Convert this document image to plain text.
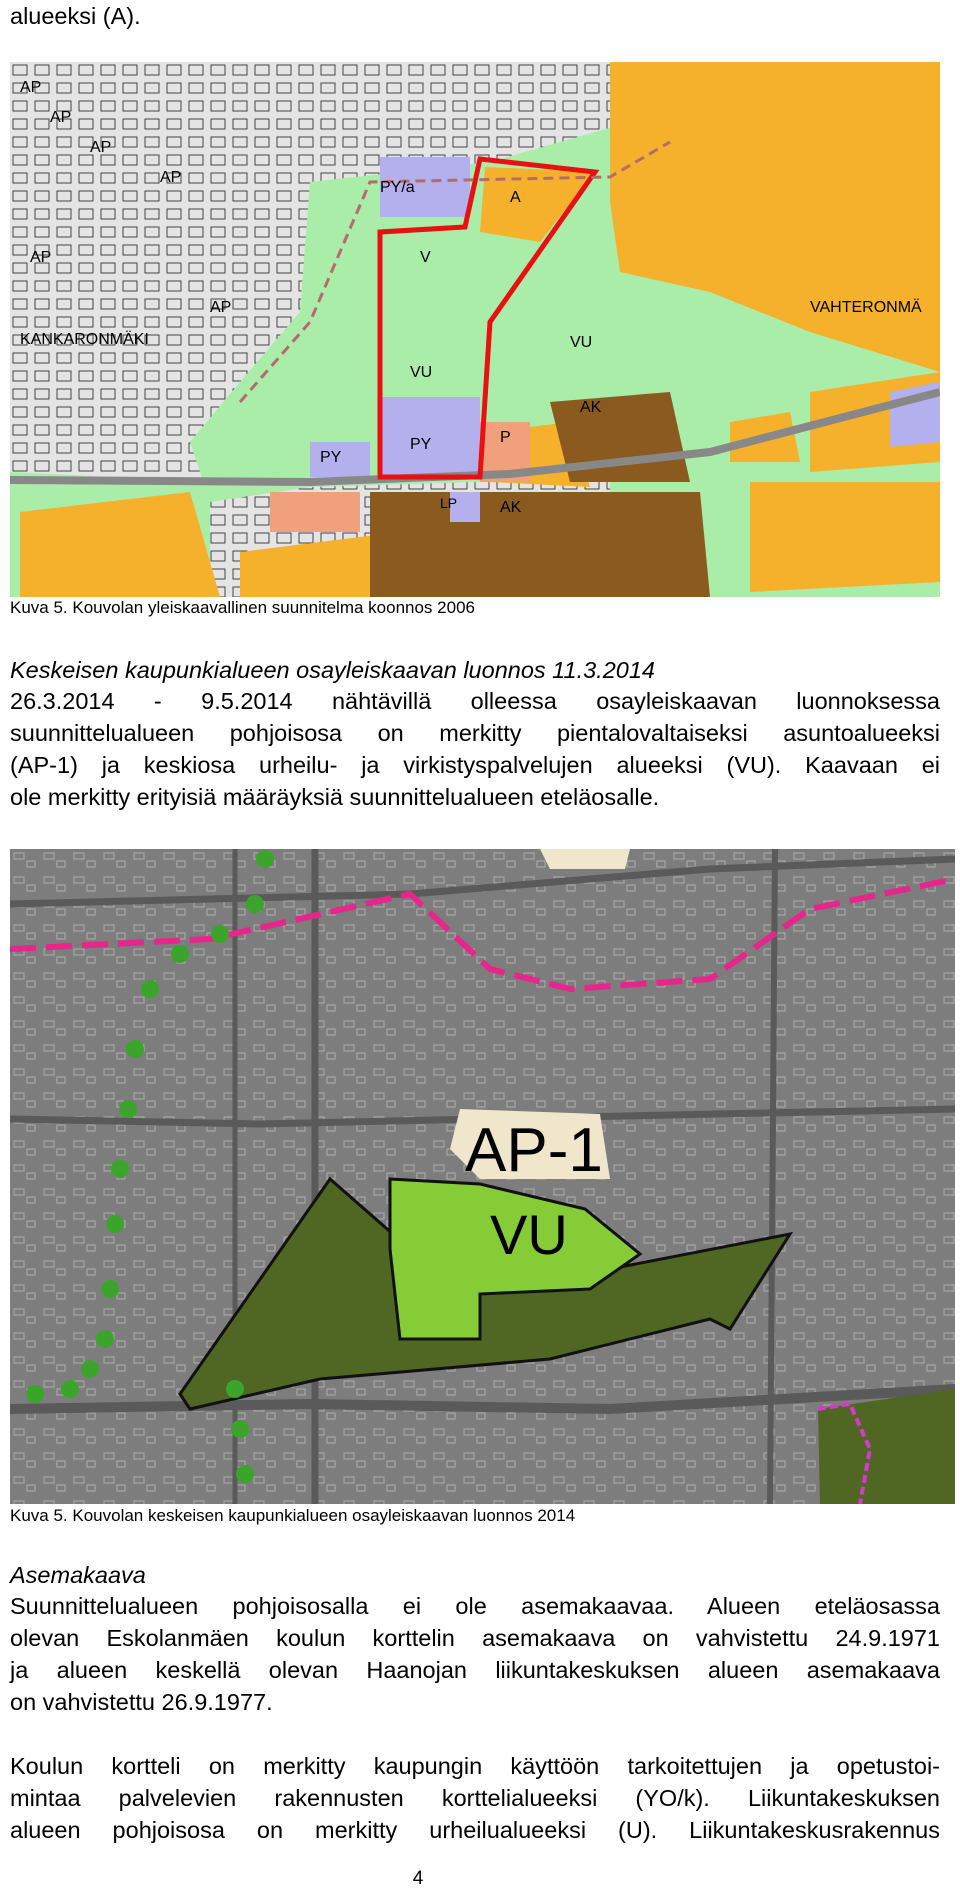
alueeksi (A).
AP
AP
AP
AP
AP
AP
KANKARONMÄKI
PY/a
A
V
VU
VU
PY
PY
P
AK
AK
LP
VAHTERONMÄ
Kuva 5. Kouvolan yleiskaavallinen suunnitelma koonnos 2006
Keskeisen kaupunkialueen osayleiskaavan luonnos 11.3.2014
26.3.2014 - 9.5.2014 nähtävillä olleessa osayleiskaavan luonnoksessa
suunnittelualueen pohjoisosa on merkitty pientalovaltaiseksi asuntoalueeksi
(AP-1) ja keskiosa urheilu- ja virkistyspalvelujen alueeksi (VU). Kaavaan ei
ole merkitty erityisiä määräyksiä suunnittelualueen eteläosalle.
AP-1
VU
Kuva 5. Kouvolan keskeisen kaupunkialueen osayleiskaavan luonnos 2014
Asemakaava
Suunnittelualueen pohjoisosalla ei ole asemakaavaa. Alueen eteläosassa
olevan Eskolanmäen koulun korttelin asemakaava on vahvistettu 24.9.1971
ja alueen keskellä olevan Haanojan liikuntakeskuksen alueen asemakaava
on vahvistettu 26.9.1977.
Koulun kortteli on merkitty kaupungin käyttöön tarkoitettujen ja opetustoi-
mintaa palvelevien rakennusten korttelialueeksi (YO/k). Liikuntakeskuksen
alueen pohjoisosa on merkitty urheilualueeksi (U). Liikuntakeskusrakennus
4
